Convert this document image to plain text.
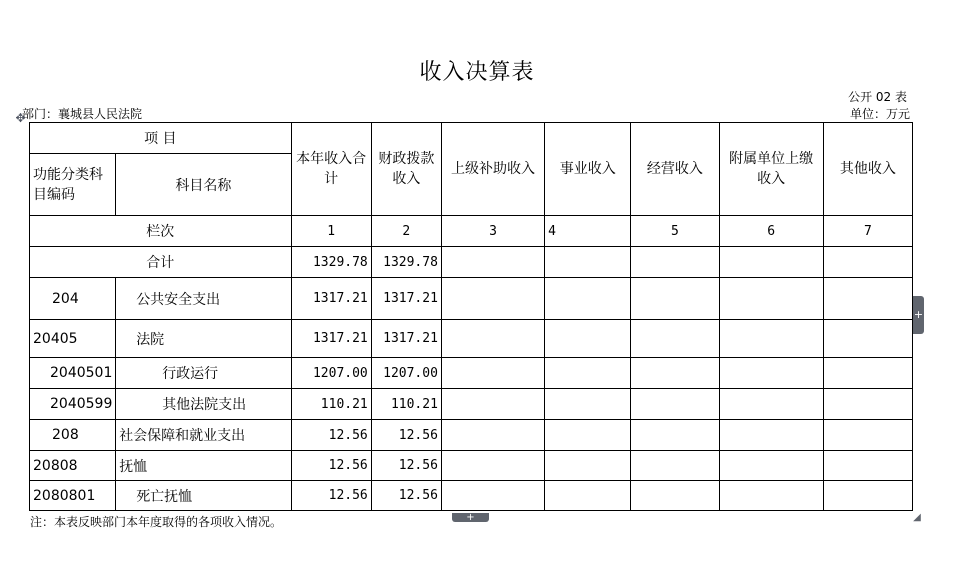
收入决算表
公开 02 表
单位：万元
部门：襄城县人民法院
✥
项 目		本年收入合计	财政拨款收入	上级补助收入	事业收入	经营收入	附属单位上缴收入	其他收入
功能分类科目编码	科目名称							
栏次		1	2	3	4	5	6	7
合计		1329.78	1329.78					
204	公共安全支出	1317.21	1317.21					
20405	法院	1317.21	1317.21					
2040501	行政运行	1207.00	1207.00					
2040599	其他法院支出	110.21	110.21					
208	社会保障和就业支出	12.56	12.56					
20808	抚恤	12.56	12.56					
2080801	死亡抚恤	12.56	12.56					
注：本表反映部门本年度取得的各项收入情况。
+
+	◢
